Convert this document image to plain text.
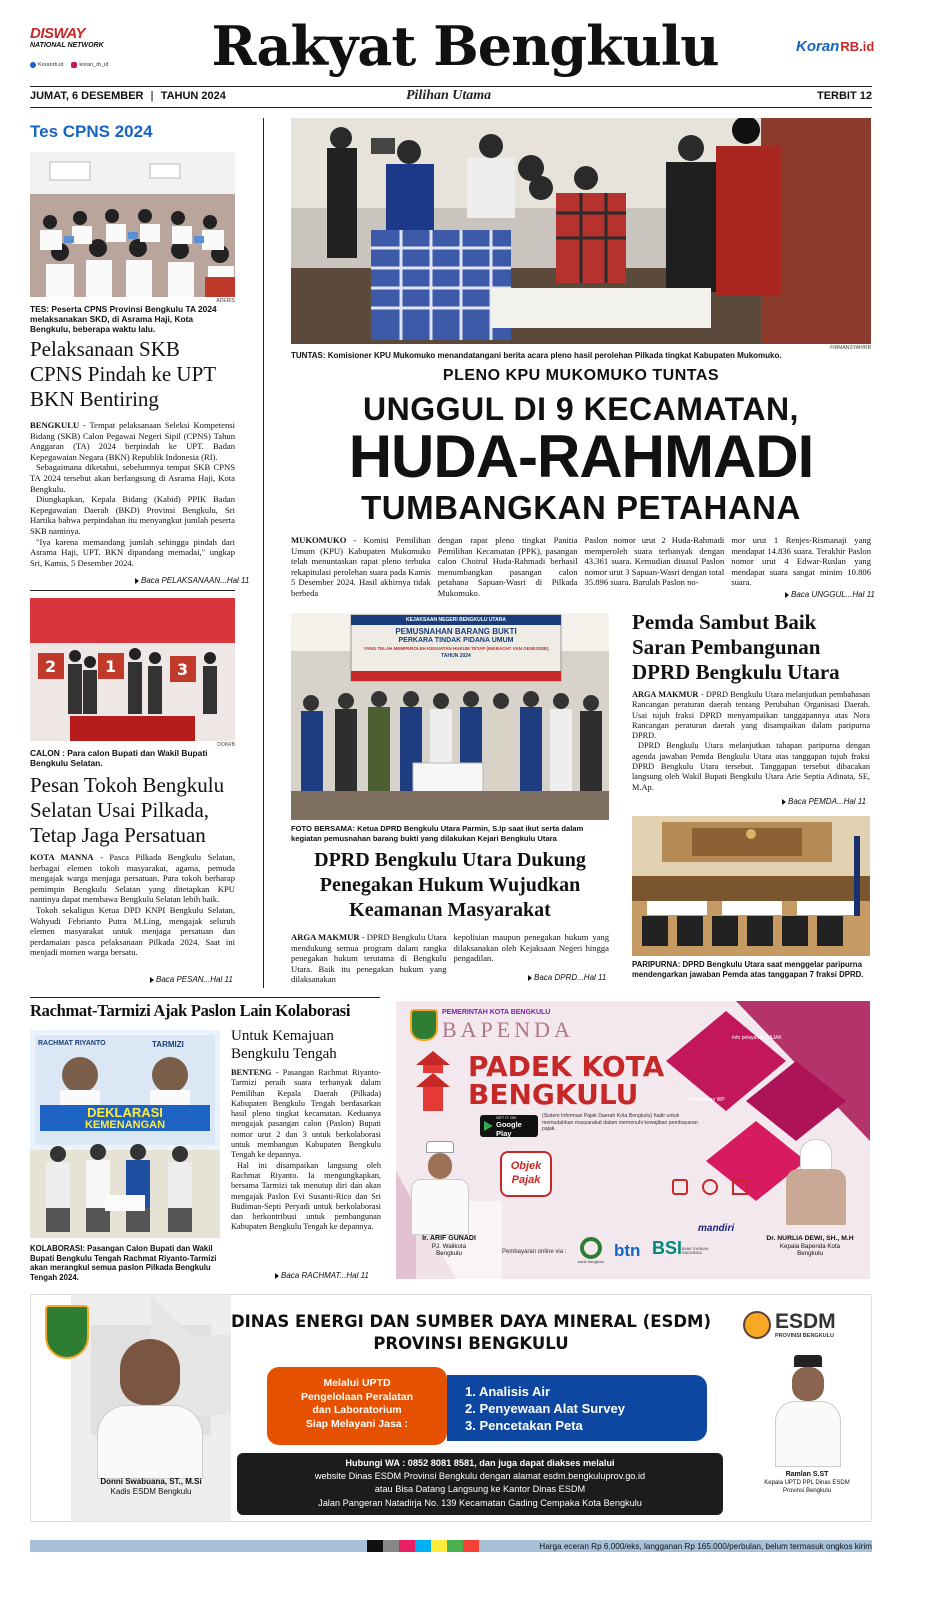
DISWAY
NATIONAL NETWORK
Koranrb.id	koran_rb_id	Rakyat Bengkulu	Koran RB.id
JUMAT, 6 DESEMBER | TAHUN 2024	Pilihan Utama	TERBIT 12
Tes CPNS 2024
ADERIS
TES: Peserta CPNS Provinsi Bengkulu TA 2024 melaksanakan SKD, di Asrama Haji, Kota Bengkulu, beberapa waktu lalu.
Pelaksanaan SKB CPNS Pindah ke UPT BKN Bentiring

BENGKULU - Tempat pelaksanaan Seleksi Kompetensi Bidang (SKB) Calon Pegawai Negeri Sipil (CPNS) Tahun Anggaran (TA) 2024 berpindah ke UPT. Badan Kepegawaian Negara (BKN) Republik Indonesia (RI).

Sebagaimana diketahui, sebelumnya tempat SKB CPNS TA 2024 tersebut akan berlangsung di Asrama Haji, Kota Bengkulu.

Diungkapkan, Kepala Bidang (Kabid) PPIK Badan Kepegawaian Daerah (BKD) Provinsi Bengkulu, Sri Hartika bahwa perpindahan itu menyangkut jumlah peserta SKB nantinya.

"Iya karena memandang jumlah sehingga pindah dari Asrama Haji, UPT. BKN dipandang memadai," ungkap Sri, Kamis, 5 Desember 2024.

Baca PELAKSANAAN...Hal 11
2	1	3
DOKRB
CALON : Para calon Bupati dan Wakil Bupati Bengkulu Selatan.
Pesan Tokoh Bengkulu Selatan Usai Pilkada, Tetap Jaga Persatuan

KOTA MANNA - Pasca Pilkada Bengkulu Selatan, berbagai elemen tokoh masyarakat, agama, pemuda mengajak warga menjaga persatuan. Para tokoh berharap pemimpin Bengkulu Selatan yang ditetapkan KPU nantinya dapat membawa Bengkulu Selatan lebih baik.

Tokoh sekaligus Ketua DPD KNPI Bengkulu Selatan, Wahyudi Febrianto Putra M.Ling, mengajak seluruh elemen masyarakat untuk menjaga persatuan dan perdamaian pasca pelaksanaan Pilkada 2024. Saat ini menjadi momen warga bersatu.

Baca PESAN...Hal 11
FIRMANSYAH/RB
TUNTAS: Komisioner KPU Mukomuko menandatangani berita acara pleno hasil perolehan Pilkada tingkat Kabupaten Mukomuko.
PLENO KPU MUKOMUKO TUNTAS
UNGGUL DI 9 KECAMATAN,
HUDA-RAHMADI
TUMBANGKAN PETAHANA
MUKOMUKO - Komisi Pemilihan Umum (KPU) Kabupaten Mukomuko telah menuntaskan rapat pleno terbuka rekapitulasi perolehan suara pada Kamis 5 Desember 2024. Hasil akhirnya tidak berbeda
dengan rapat pleno tingkat Panitia Pemilihan Kecamatan (PPK), pasangan calon Choirul Huda-Rahmadi berhasil menumbangkan pasangan calon petahana Sapuan-Wasri di Pilkada Mukomuko.
Paslon nomor urut 2 Huda-Rahmadi memperoleh suara terbanyak dengan 43.361 suara. Kemudian disusul Paslon nomor urut 3 Sapuan-Wasri dengan total 35.896 suara. Barulah Paslon no-
mor urut 1 Renjes-Rismanaji yang mendapat 14.836 suara. Terakhir Paslon nomor urut 4 Edwar-Ruslan yang mendapat suara sangat minim 10.806 suara.
Baca UNGGUL...Hal 11
KEJAKSAAN NEGERI BENGKULU UTARA
PEMUSNAHAN BARANG BUKTI
PERKARA TINDAK PIDANA UMUM
YANG TELAH MEMPEROLEH KEKUATAN HUKUM TETAP (INKRACHT VAN GEWIJSDE)
TAHUN 2024
FOTO BERSAMA: Ketua DPRD Bengkulu Utara Parmin, S.Ip saat ikut serta dalam kegiatan pemusnahan barang bukti yang dilakukan Kejari Bengkulu Utara
DPRD Bengkulu Utara Dukung Penegakan Hukum Wujudkan Keamanan Masyarakat
ARGA MAKMUR - DPRD Bengkulu Utara mendukung semua program dalam rangka penegakan hukum terutama di Bengkulu Utara. Baik itu penegakan hukum yang dilaksanakan
kepolisian maupun penegakan hukum yang dilaksanakan oleh Kejaksaan Negeri hingga pengadilan.
Baca DPRD...Hal 11
Pemda Sambut Baik Saran Pembangunan DPRD Bengkulu Utara

ARGA MAKMUR - DPRD Bengkulu Utara melanjutkan pembahasan Rancangan peraturan daerah tentang Perubahan Organisasi Daerah. Usai tujuh fraksi DPRD menyampaikan tanggapannya atas Nora Rancangan peraturan daerah yang disampaikan dalam paripurna DPRD.

DPRD Bengkulu Utara melanjutkan tahapan paripurna dengan agenda jawaban Pemda Bengkulu Utara atas tanggapan tujuh fraksi DPRD Bengkulu Utara tersebut. Tanggapan tersebut dibacakan langsung oleh Wakil Bupati Bengkulu Utara Arie Septia Adinata, SE, M.Ap.

Baca PEMDA...Hal 11
PARIPURNA: DPRD Bengkulu Utara saat menggelar paripurna mendengarkan jawaban Pemda atas tanggapan 7 fraksi DPRD.
Rachmat-Tarmizi Ajak Paslon Lain Kolaborasi
Untuk Kemajuan Bengkulu Tengah
RACHMAT RIYANTO	TARMIZI
DEKLARASI
KEMENANGAN

BENTENG - Pasangan Rachmat Riyanto-Tarmizi peraih suara terbanyak dalam Pemilihan Kepala Daerah (Pilkada) Kabupaten Bengkulu Tengah berdasarkan hasil pleno tingkat kecamatan. Keduanya mengajak pasangan calon (Paslon) Bupati nomor urut 2 dan 3 untuk berkolaborasi untuk membangun Kabupaten Bengkulu Tengah ke depannya.

Hal ini disampaikan langsung oleh Rachmat Riyanto. Ia mengungkapkan, bersama Tarmizi tak menutup diri dan akan mengajak Paslon Evi Susanti-Rico dan Sri Budiman-Septi Peryadi untuk berkolaborasi dan berkontribusi untuk pembangunan Kabupaten Bengkulu Tengah ke depannya.

Baca RACHMAT...Hal 11
KOLABORASI: Pasangan Calon Bupati dan Wakil Bupati Bengkulu Tengah Rachmat Riyanto-Tarmizi akan merangkul semua paslon Pilkada Bengkulu Tengah 2024.
PEMERINTAH KOTA BENGKULU
BAPENDA
PADEK KOTA
BENGKULU
GET IT ON
Google Play
(Sistem Informasi Pajak Daerah Kota Bengkulu) hadir untuk memudahkan masyarakat dalam memenuhi kewajiban pembayaran pajak.
Ir. ARIF GUNADI
PJ. Walikota
Bengkulu
Objek
Pajak
Info pelayanan PAJAK
Pendaftaran WP
Dr. NURLIA DEWI, SH., M.H
Kepala Bapenda Kota
Bengkulu
Pembayaran online via :
bank bengkulu
btn BSI BANK SYARIAH INDONESIA
mandiri
DINAS ENERGI DAN SUMBER DAYA MINERAL (ESDM)
PROVINSI BENGKULU
ESDM
PROVINSI BENGKULU
Donni Swabuana, ST., M.Si
Kadis ESDM Bengkulu
Melalui UPTD
Pengelolaan Peralatan
dan Laboratorium
Siap Melayani Jasa :
1. Analisis Air
2. Penyewaan Alat Survey
3. Pencetakan Peta
Hubungi WA : 0852 8081 8581, dan juga dapat diakses melalui
website Dinas ESDM Provinsi Bengkulu dengan alamat esdm.bengkuluprov.go.id
atau Bisa Datang Langsung ke Kantor Dinas ESDM
Jalan Pangeran Natadirja No. 139 Kecamatan Gading Cempaka Kota Bengkulu
Ramlan S.ST
Kepala UPTD PPL Dinas ESDM
Provinsi Bengkulu
Harga eceran Rp 6.000/eks, langganan Rp 165.000/perbulan, belum termasuk ongkos kirim
